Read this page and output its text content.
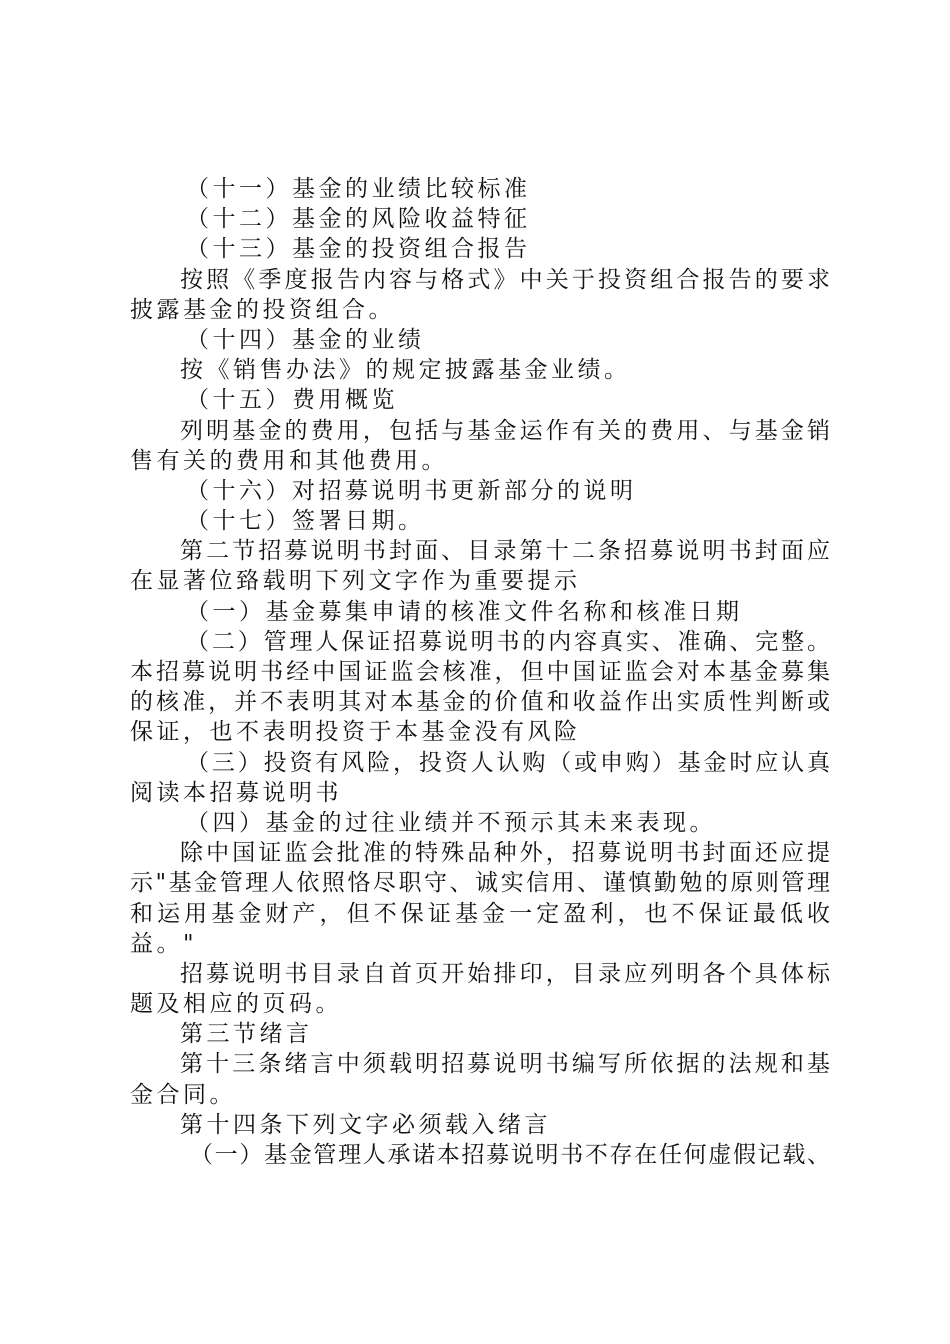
（十一）基金的业绩比较标准
（十二）基金的风险收益特征
（十三）基金的投资组合报告
按照《季度报告内容与格式》中关于投资组合报告的要求
披露基金的投资组合。
（十四）基金的业绩
按《销售办法》的规定披露基金业绩。
（十五）费用概览
列明基金的费用，包括与基金运作有关的费用、与基金销
售有关的费用和其他费用。
（十六）对招募说明书更新部分的说明
（十七）签署日期。
第二节招募说明书封面、目录第十二条招募说明书封面应
在显著位臵载明下列文字作为重要提示
（一）基金募集申请的核准文件名称和核准日期
（二）管理人保证招募说明书的内容真实、准确、完整。
本招募说明书经中国证监会核准，但中国证监会对本基金募集
的核准，并不表明其对本基金的价值和收益作出实质性判断或
保证，也不表明投资于本基金没有风险
（三）投资有风险，投资人认购（或申购）基金时应认真
阅读本招募说明书
（四）基金的过往业绩并不预示其未来表现。
除中国证监会批准的特殊品种外，招募说明书封面还应提
示"基金管理人依照恪尽职守、诚实信用、谨慎勤勉的原则管理
和运用基金财产，但不保证基金一定盈利，也不保证最低收
益。"
招募说明书目录自首页开始排印，目录应列明各个具体标
题及相应的页码。
第三节绪言
第十三条绪言中须载明招募说明书编写所依据的法规和基
金合同。
第十四条下列文字必须载入绪言
（一）基金管理人承诺本招募说明书不存在任何虚假记载、
